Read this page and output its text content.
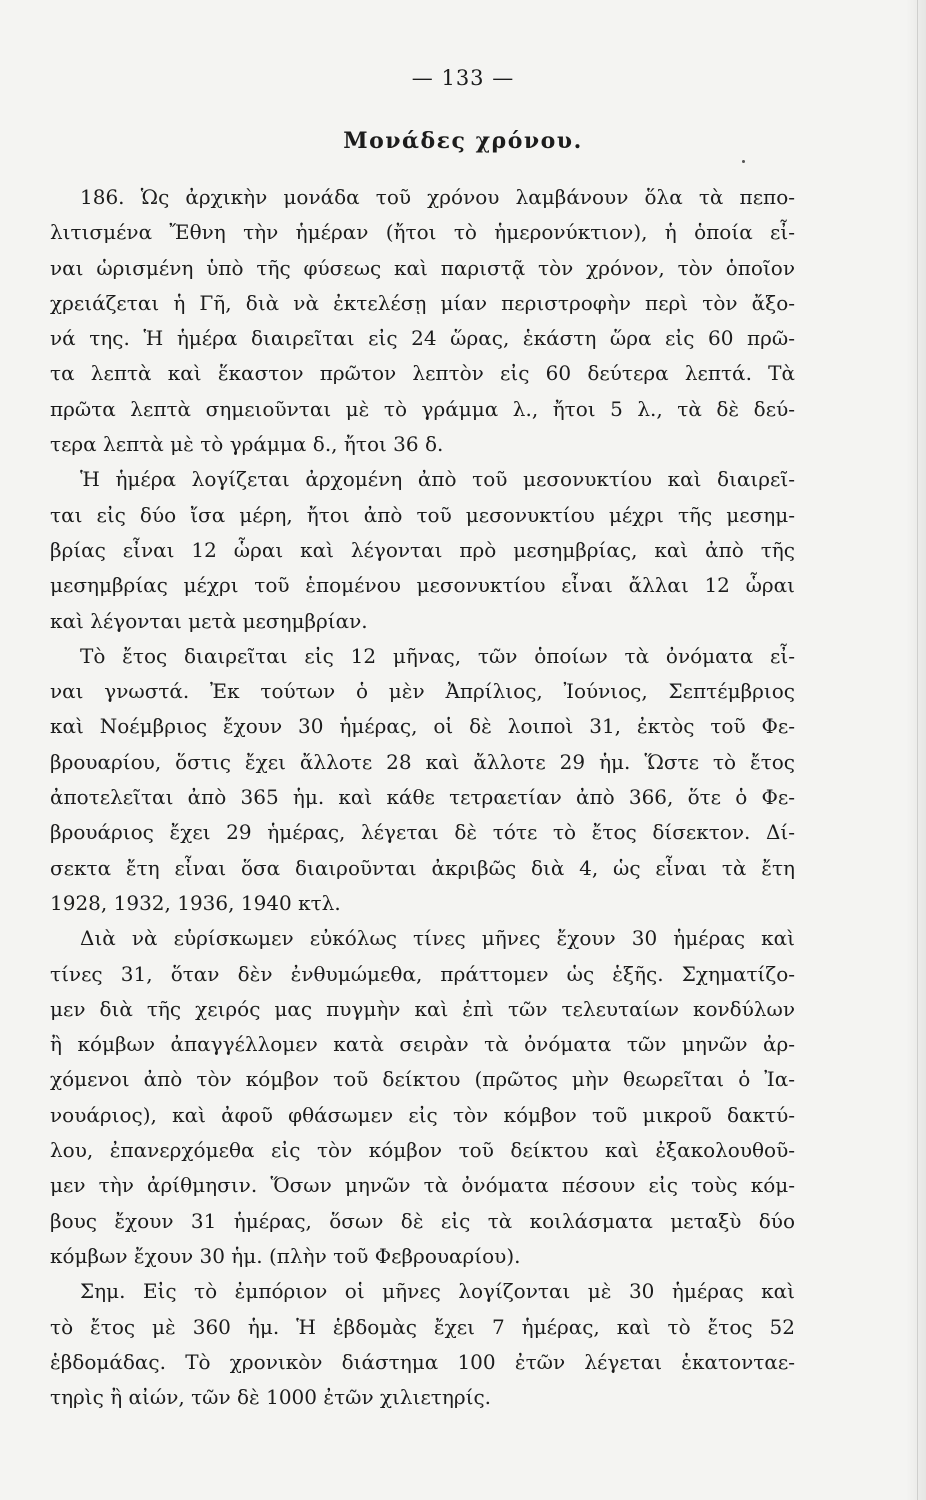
— 133 —
Μονάδες χρόνου.

186. Ὡς ἀρχικὴν μονάδα τοῦ χρόνου λαμβάνουν ὅλα τὰ πεπο-
λιτισμένα Ἔθνη τὴν ἡμέραν (ἤτοι τὸ ἡμερονύκτιον), ἡ ὁποία εἶ-
ναι ὡρισμένη ὑπὸ τῆς φύσεως καὶ παριστᾷ τὸν χρόνον, τὸν ὁποῖον
χρειάζεται ἡ Γῆ, διὰ νὰ ἐκτελέσῃ μίαν περιστροφὴν περὶ τὸν ἄξο-
νά της. Ἡ ἡμέρα διαιρεῖται εἰς 24 ὥρας, ἑκάστη ὥρα εἰς 60 πρῶ-
τα λεπτὰ καὶ ἕκαστον πρῶτον λεπτὸν εἰς 60 δεύτερα λεπτά. Τὰ
πρῶτα λεπτὰ σημειοῦνται μὲ τὸ γράμμα λ., ἤτοι 5 λ., τὰ δὲ δεύ-
τερα λεπτὰ μὲ τὸ γράμμα δ., ἤτοι 36 δ.

Ἡ ἡμέρα λογίζεται ἀρχομένη ἀπὸ τοῦ μεσονυκτίου καὶ διαιρεῖ-
ται εἰς δύο ἴσα μέρη, ἤτοι ἀπὸ τοῦ μεσονυκτίου μέχρι τῆς μεσημ-
βρίας εἶναι 12 ὧραι καὶ λέγονται πρὸ μεσημβρίας, καὶ ἀπὸ τῆς
μεσημβρίας μέχρι τοῦ ἑπομένου μεσονυκτίου εἶναι ἄλλαι 12 ὧραι
καὶ λέγονται μετὰ μεσημβρίαν.

Τὸ ἔτος διαιρεῖται εἰς 12 μῆνας, τῶν ὁποίων τὰ ὀνόματα εἶ-
ναι γνωστά. Ἐκ τούτων ὁ μὲν Ἀπρίλιος, Ἰούνιος, Σεπτέμβριος
καὶ Νοέμβριος ἔχουν 30 ἡμέρας, οἱ δὲ λοιποὶ 31, ἐκτὸς τοῦ Φε-
βρουαρίου, ὅστις ἔχει ἄλλοτε 28 καὶ ἄλλοτε 29 ἡμ. Ὥστε τὸ ἔτος
ἀποτελεῖται ἀπὸ 365 ἡμ. καὶ κάθε τετραετίαν ἀπὸ 366, ὅτε ὁ Φε-
βρουάριος ἔχει 29 ἡμέρας, λέγεται δὲ τότε τὸ ἔτος δίσεκτον. Δί-
σεκτα ἔτη εἶναι ὅσα διαιροῦνται ἀκριβῶς διὰ 4, ὡς εἶναι τὰ ἔτη
1928, 1932, 1936, 1940 κτλ.

Διὰ νὰ εὑρίσκωμεν εὐκόλως τίνες μῆνες ἔχουν 30 ἡμέρας καὶ
τίνες 31, ὅταν δὲν ἐνθυμώμεθα, πράττομεν ὡς ἑξῆς. Σχηματίζο-
μεν διὰ τῆς χειρός μας πυγμὴν καὶ ἐπὶ τῶν τελευταίων κονδύλων
ἢ κόμβων ἀπαγγέλλομεν κατὰ σειρὰν τὰ ὀνόματα τῶν μηνῶν ἀρ-
χόμενοι ἀπὸ τὸν κόμβον τοῦ δείκτου (πρῶτος μὴν θεωρεῖται ὁ Ἰα-
νουάριος), καὶ ἀφοῦ φθάσωμεν εἰς τὸν κόμβον τοῦ μικροῦ δακτύ-
λου, ἐπανερχόμεθα εἰς τὸν κόμβον τοῦ δείκτου καὶ ἐξακολουθοῦ-
μεν τὴν ἀρίθμησιν. Ὅσων μηνῶν τὰ ὀνόματα πέσουν εἰς τοὺς κόμ-
βους ἔχουν 31 ἡμέρας, ὅσων δὲ εἰς τὰ κοιλάσματα μεταξὺ δύο
κόμβων ἔχουν 30 ἡμ. (πλὴν τοῦ Φεβρουαρίου).

Σημ. Εἰς τὸ ἐμπόριον οἱ μῆνες λογίζονται μὲ 30 ἡμέρας καὶ
τὸ ἔτος μὲ 360 ἡμ. Ἡ ἑβδομὰς ἔχει 7 ἡμέρας, καὶ τὸ ἔτος 52
ἑβδομάδας. Τὸ χρονικὸν διάστημα 100 ἐτῶν λέγεται ἑκατονταε-
τηρὶς ἢ αἰών, τῶν δὲ 1000 ἐτῶν χιλιετηρίς.
